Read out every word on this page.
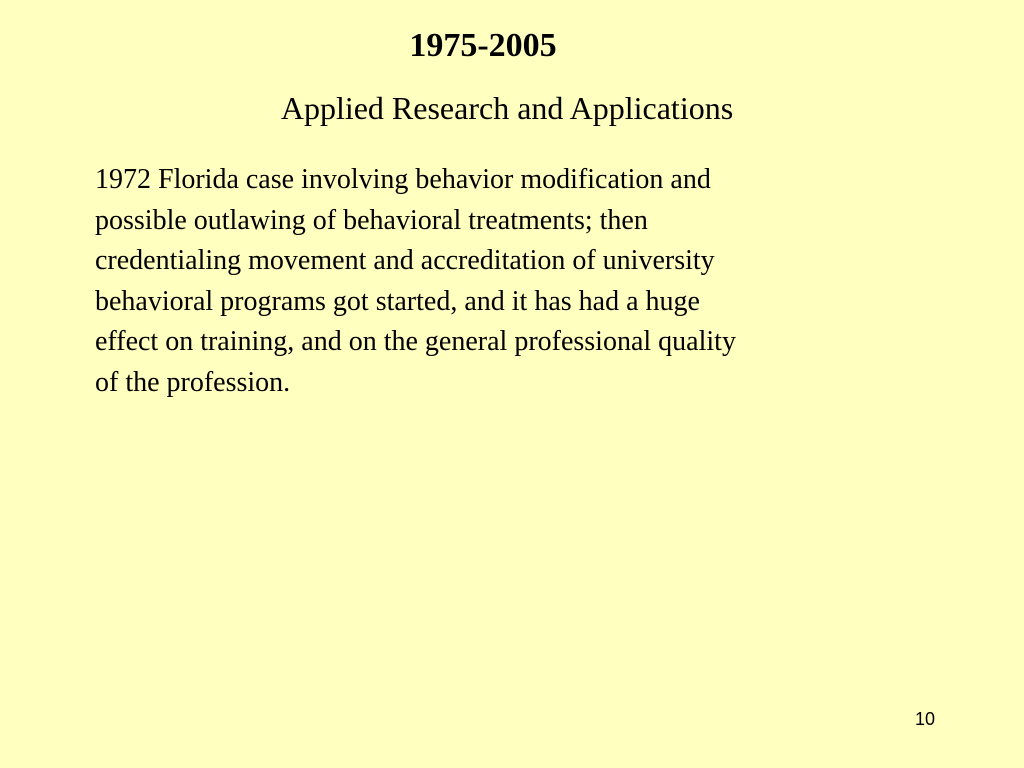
1975-2005
Applied Research and Applications

1972 Florida case involving behavior modification and
possible outlawing of behavioral treatments; then
credentialing movement and accreditation of university
behavioral programs got started, and it has had a huge
effect on training, and on the general professional quality
of the profession.

10
